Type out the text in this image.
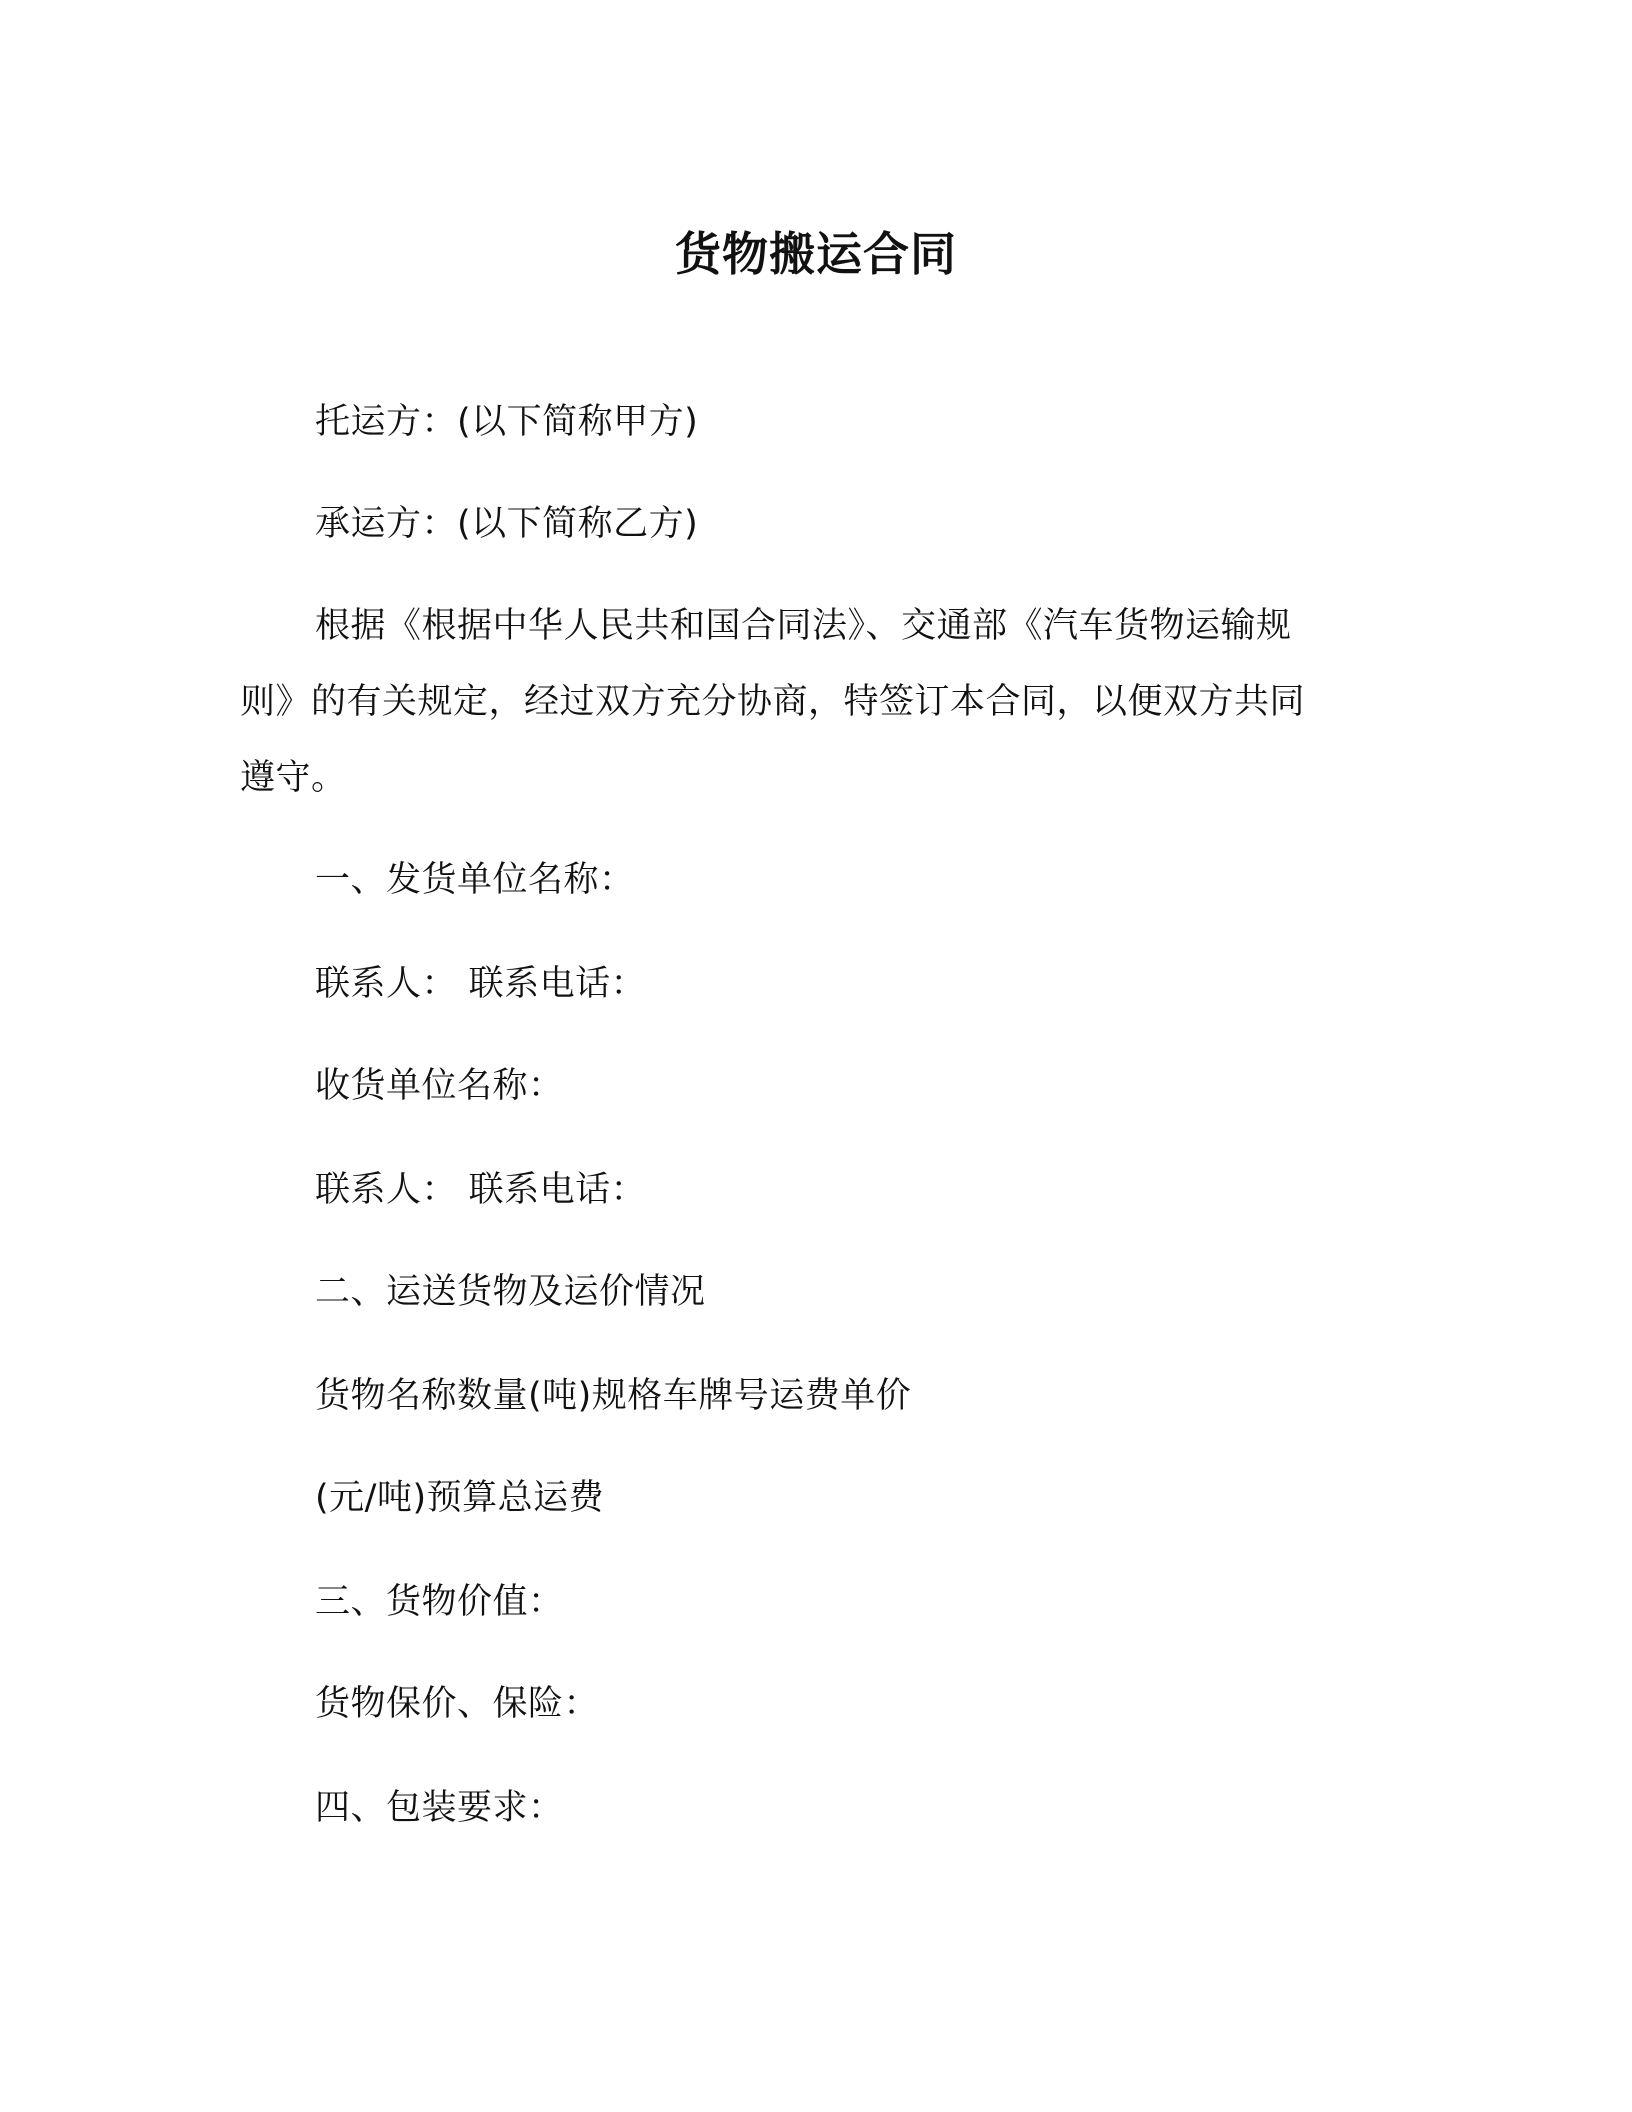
货物搬运合同

托运方：(以下简称甲方)

承运方：(以下简称乙方)

根据《根据中华人民共和国合同法》、交通部《汽车货物运输规

则》的有关规定，经过双方充分协商，特签订本合同，以便双方共同

遵守。

一、发货单位名称：

联系人： 联系电话：

收货单位名称：

联系人： 联系电话：

二、运送货物及运价情况

货物名称数量(吨)规格车牌号运费单价

(元/吨)预算总运费

三、货物价值：

货物保价、保险：

四、包装要求：
